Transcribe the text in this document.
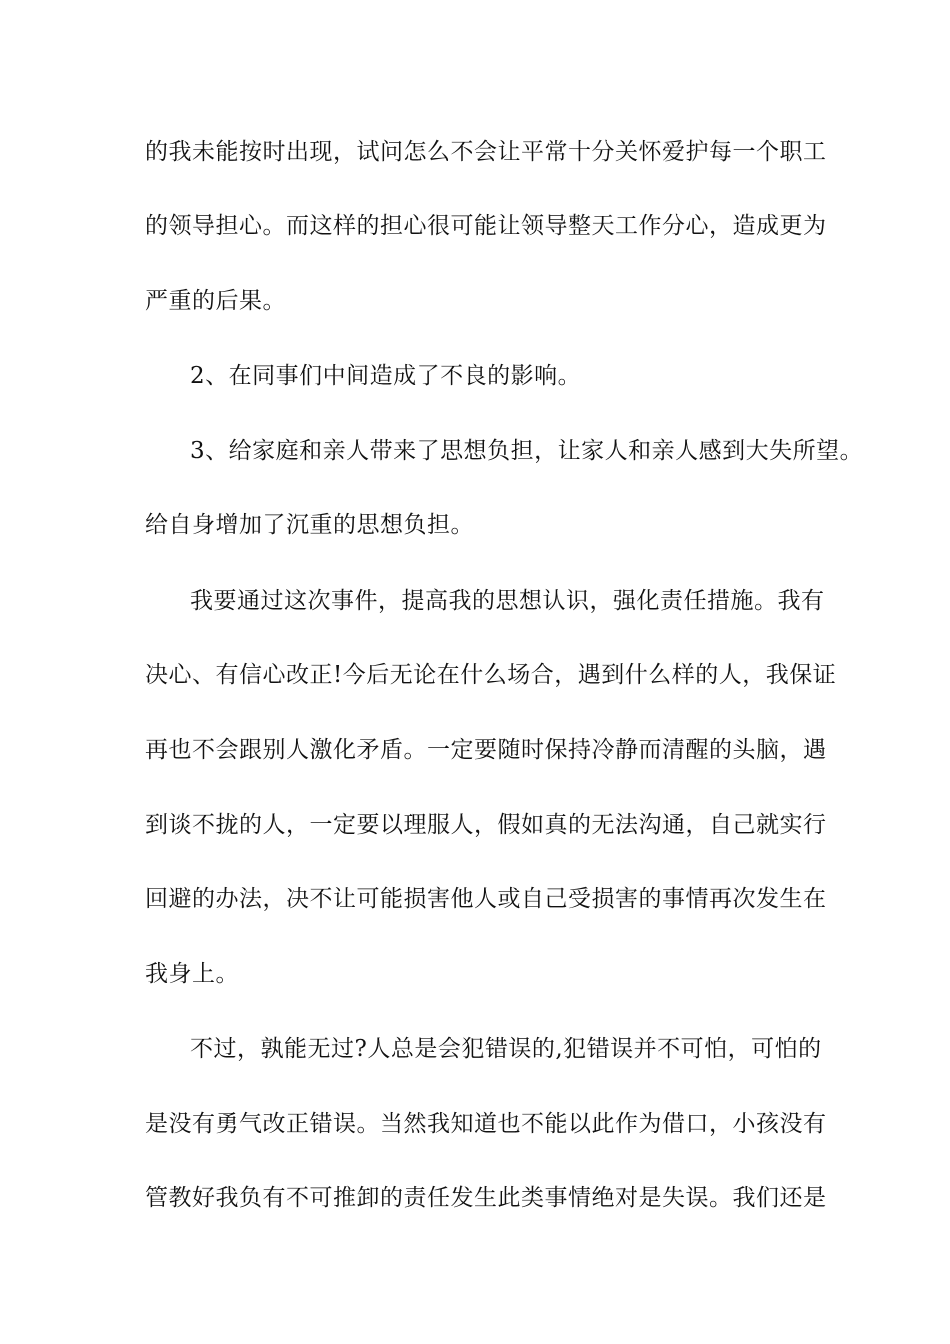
的我未能按时出现，试问怎么不会让平常十分关怀爱护每一个职工
的领导担心。而这样的担心很可能让领导整天工作分心，造成更为
严重的后果。
2、在同事们中间造成了不良的影响。
3、给家庭和亲人带来了思想负担，让家人和亲人感到大失所望。
给自身增加了沉重的思想负担。
我要通过这次事件，提高我的思想认识，强化责任措施。我有
决心、有信心改正!今后无论在什么场合，遇到什么样的人，我保证
再也不会跟别人激化矛盾。一定要随时保持冷静而清醒的头脑，遇
到谈不拢的人，一定要以理服人，假如真的无法沟通，自己就实行
回避的办法，决不让可能损害他人或自己受损害的事情再次发生在
我身上。
不过，孰能无过?人总是会犯错误的,犯错误并不可怕，可怕的
是没有勇气改正错误。当然我知道也不能以此作为借口，小孩没有
管教好我负有不可推卸的责任发生此类事情绝对是失误。我们还是
